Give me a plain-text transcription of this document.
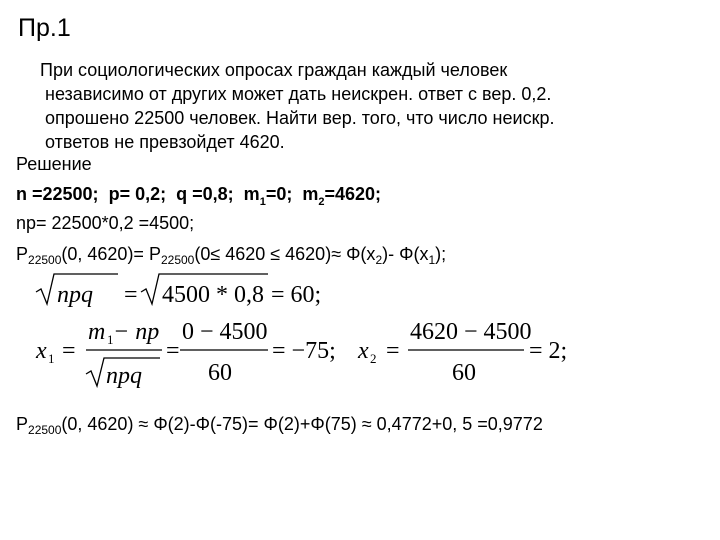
Пр.1
При социологических опросах граждан каждый человек
независимо от других может дать неискрен. ответ с вер. 0,2.
опрошено 22500 человек. Найти вер. того, что число неискр.
ответов не превзойдет 4620.
Решение
n =22500; p= 0,2; q =0,8; $m_1=0$; $m_2=4620$;
np= 22500*0,2 =4500;
$P_{22500}(0$, $4620)= P_{22500}(0\le 4620 \le 4620)\approx \Phi(x_2)-$ $\Phi(x_1)$;
npq = 4500 * 0,8 = 60;
x 1 =
m 1 − np
npq
=
0 − 4500
60
= −75; x 2 =
4620 − 4500
60
= 2;
$P_{22500}(0$, 4620) ≈ Φ(2)-Φ(-75)= Φ(2)+Φ(75) ≈ 0,4772+0, 5 =0,9772
